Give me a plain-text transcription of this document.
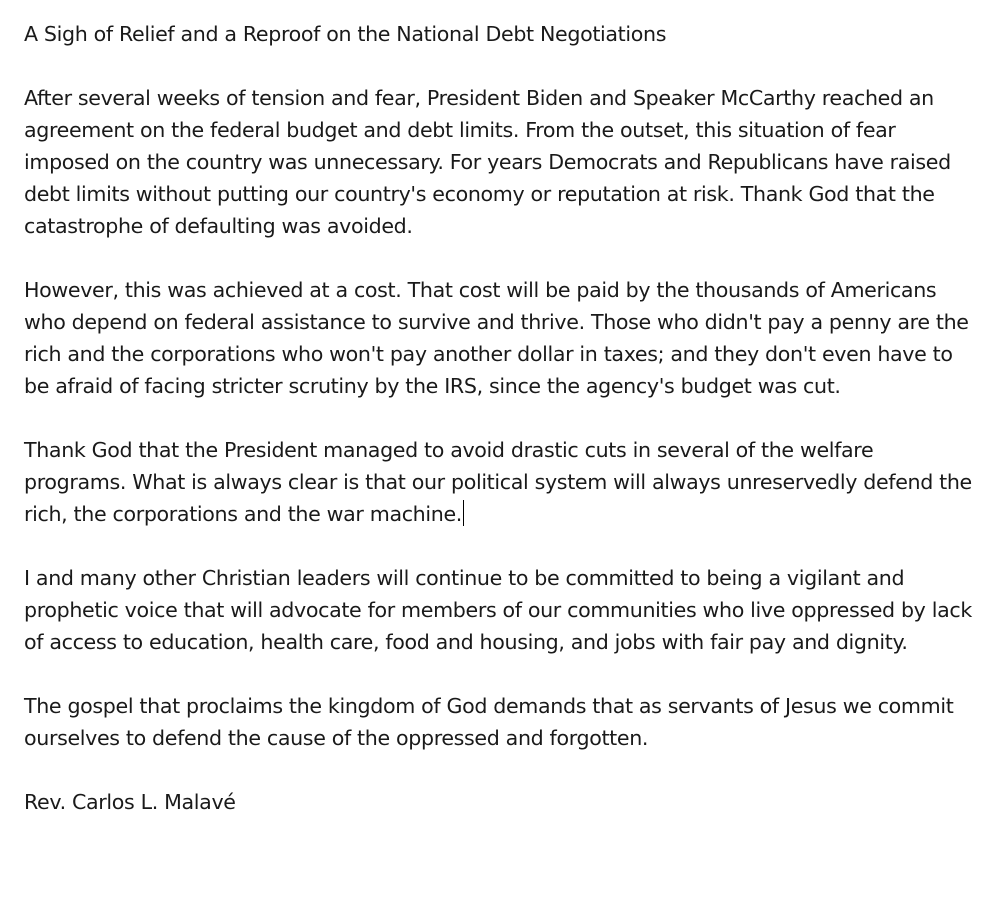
A Sigh of Relief and a Reproof on the National Debt Negotiations

After several weeks of tension and fear, President Biden and Speaker McCarthy reached an agreement on the federal budget and debt limits. From the outset, this situation of fear imposed on the country was unnecessary. For years Democrats and Republicans have raised debt limits without putting our country's economy or reputation at risk. Thank God that the catastrophe of defaulting was avoided.

However, this was achieved at a cost. That cost will be paid by the thousands of Americans who depend on federal assistance to survive and thrive. Those who didn't pay a penny are the rich and the corporations who won't pay another dollar in taxes; and they don't even have to be afraid of facing stricter scrutiny by the IRS, since the agency's budget was cut.

Thank God that the President managed to avoid drastic cuts in several of the welfare programs. What is always clear is that our political system will always unreservedly defend the rich, the corporations and the war machine.

I and many other Christian leaders will continue to be committed to being a vigilant and prophetic voice that will advocate for members of our communities who live oppressed by lack of access to education, health care, food and housing, and jobs with fair pay and dignity.

The gospel that proclaims the kingdom of God demands that as servants of Jesus we commit ourselves to defend the cause of the oppressed and forgotten.

Rev. Carlos L. Malavé
